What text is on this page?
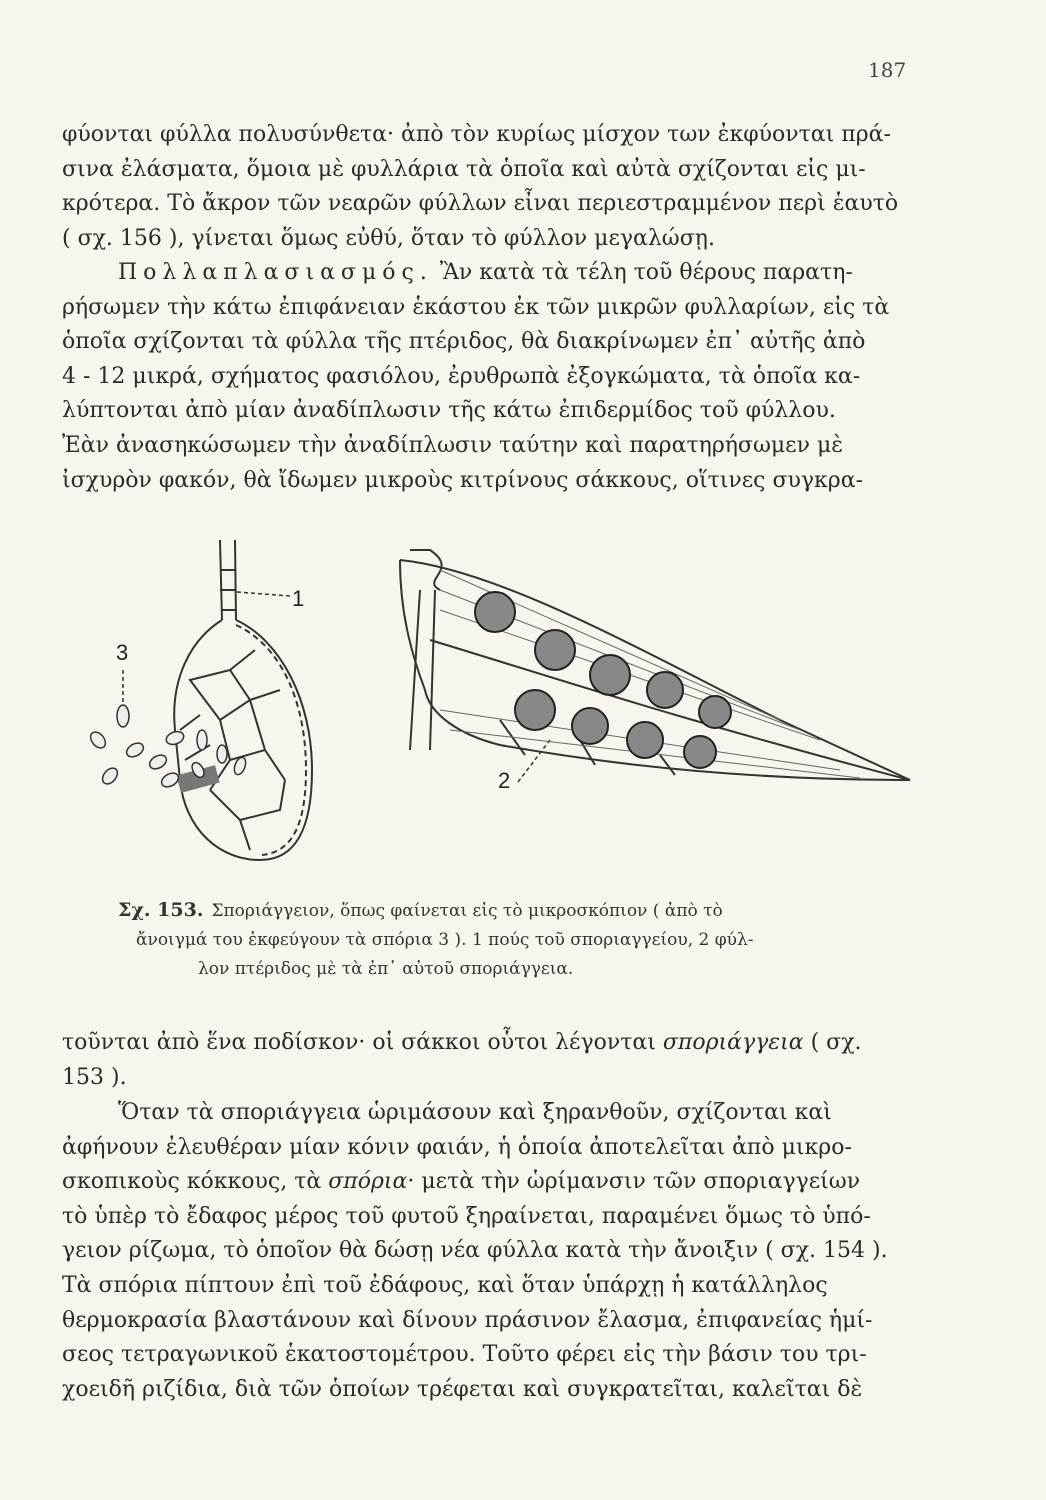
187

φύονται φύλλα πολυσύνθετα· ἀπὸ τὸν κυρίως μίσχον των ἐκφύονται πρά-
σινα ἐλάσματα, ὅμοια μὲ φυλλάρια τὰ ὁποῖα καὶ αὐτὰ σχίζονται εἰς μι-
κρότερα. Τὸ ἄκρον τῶν νεαρῶν φύλλων εἶναι περιεστραμμένον περὶ ἑαυτὸ
( σχ. 156 ), γίνεται ὅμως εὐθύ, ὅταν τὸ φύλλον μεγαλώσῃ.

Πολλαπλασιασμός. Ἂν κατὰ τὰ τέλη τοῦ θέρους παρατη-
ρήσωμεν τὴν κάτω ἐπιφάνειαν ἑκάστου ἐκ τῶν μικρῶν φυλλαρίων, εἰς τὰ
ὁποῖα σχίζονται τὰ φύλλα τῆς πτέριδος, θὰ διακρίνωμεν ἐπ᾽ αὐτῆς ἀπὸ
4 - 12 μικρά, σχήματος φασιόλου, ἐρυθρωπὰ ἐξογκώματα, τὰ ὁποῖα κα-
λύπτονται ἀπὸ μίαν ἀναδίπλωσιν τῆς κάτω ἐπιδερμίδος τοῦ φύλλου.
Ἐὰν ἀνασηκώσωμεν τὴν ἀναδίπλωσιν ταύτην καὶ παρατηρήσωμεν μὲ
ἰσχυρὸν φακόν, θὰ ἴδωμεν μικροὺς κιτρίνους σάκκους, οἵτινες συγκρα-

1
3
2
Σχ. 153. Σποριάγγειον, ὅπως φαίνεται εἰς τὸ μικροσκόπιον ( ἀπὸ τὸ
ἄνοιγμά του ἐκφεύγουν τὰ σπόρια 3 ). 1 πούς τοῦ σποριαγγείου, 2 φύλ-
λον πτέριδος μὲ τὰ ἐπ᾽ αὐτοῦ σποριάγγεια.

τοῦνται ἀπὸ ἕνα ποδίσκον· οἱ σάκκοι οὗτοι λέγονται σποριάγγεια ( σχ.
153 ).

Ὅταν τὰ σποριάγγεια ὡριμάσουν καὶ ξηρανθοῦν, σχίζονται καὶ
ἀφήνουν ἐλευθέραν μίαν κόνιν φαιάν, ἡ ὁποία ἀποτελεῖται ἀπὸ μικρο-
σκοπικοὺς κόκκους, τὰ σπόρια· μετὰ τὴν ὡρίμανσιν τῶν σποριαγγείων
τὸ ὑπὲρ τὸ ἔδαφος μέρος τοῦ φυτοῦ ξηραίνεται, παραμένει ὅμως τὸ ὑπό-
γειον ρίζωμα, τὸ ὁποῖον θὰ δώσῃ νέα φύλλα κατὰ τὴν ἄνοιξιν ( σχ. 154 ).
Τὰ σπόρια πίπτουν ἐπὶ τοῦ ἐδάφους, καὶ ὅταν ὑπάρχῃ ἡ κατάλληλος
θερμοκρασία βλαστάνουν καὶ δίνουν πράσινον ἔλασμα, ἐπιφανείας ἡμί-
σεος τετραγωνικοῦ ἑκατοστομέτρου. Τοῦτο φέρει εἰς τὴν βάσιν του τρι-
χοειδῆ ριζίδια, διὰ τῶν ὁποίων τρέφεται καὶ συγκρατεῖται, καλεῖται δὲ
